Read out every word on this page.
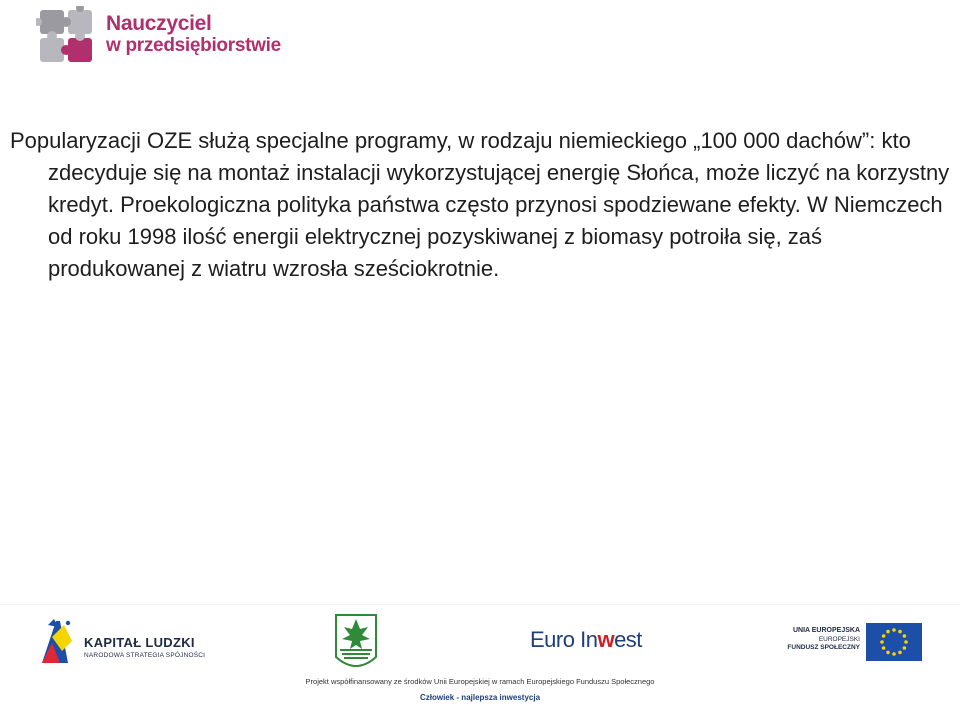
Nauczyciel
w przedsiębiorstwie

Popularyzacji OZE służą specjalne programy, w rodzaju niemieckiego „100 000 dachów”: kto zdecyduje się na montaż instalacji wykorzystującej energię Słońca, może liczyć na korzystny kredyt. Proekologiczna polityka państwa często przynosi spodziewane efekty. W Niemczech od roku 1998 ilość energii elektrycznej pozyskiwanej z biomasy potroiła się, zaś produkowanej z wiatru wzrosła sześciokrotnie.

KAPITAŁ LUDZKI
NARODOWA STRATEGIA SPÓJNOŚCI
Euro Inwest	UNIA EUROPEJSKA
EUROPEJSKI
FUNDUSZ SPOŁECZNY
Projekt współfinansowany ze środków Unii Europejskiej w ramach Europejskiego Funduszu Społecznego
Człowiek - najlepsza inwestycja
